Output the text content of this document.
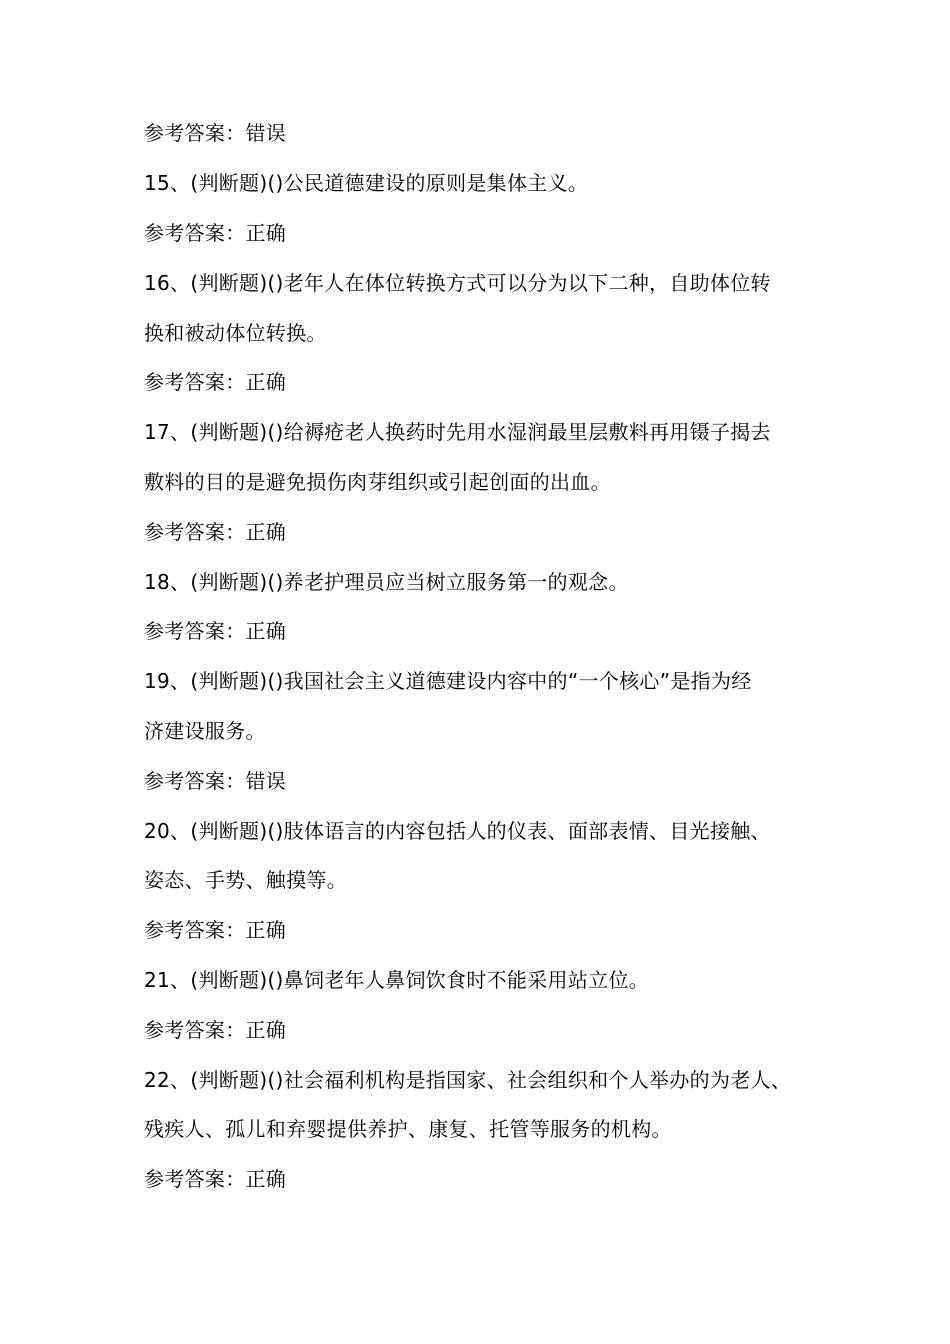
参考答案：错误
15、(判断题)()公民道德建设的原则是集体主义。
参考答案：正确
16、(判断题)()老年人在体位转换方式可以分为以下二种，自助体位转
换和被动体位转换。
参考答案：正确
17、(判断题)()给褥疮老人换药时先用水湿润最里层敷料再用镊子揭去
敷料的目的是避免损伤肉芽组织或引起创面的出血。
参考答案：正确
18、(判断题)()养老护理员应当树立服务第一的观念。
参考答案：正确
19、(判断题)()我国社会主义道德建设内容中的“一个核心”是指为经
济建设服务。
参考答案：错误
20、(判断题)()肢体语言的内容包括人的仪表、面部表情、目光接触、
姿态、手势、触摸等。
参考答案：正确
21、(判断题)()鼻饲老年人鼻饲饮食时不能采用站立位。
参考答案：正确
22、(判断题)()社会福利机构是指国家、社会组织和个人举办的为老人、
残疾人、孤儿和弃婴提供养护、康复、托管等服务的机构。
参考答案：正确
